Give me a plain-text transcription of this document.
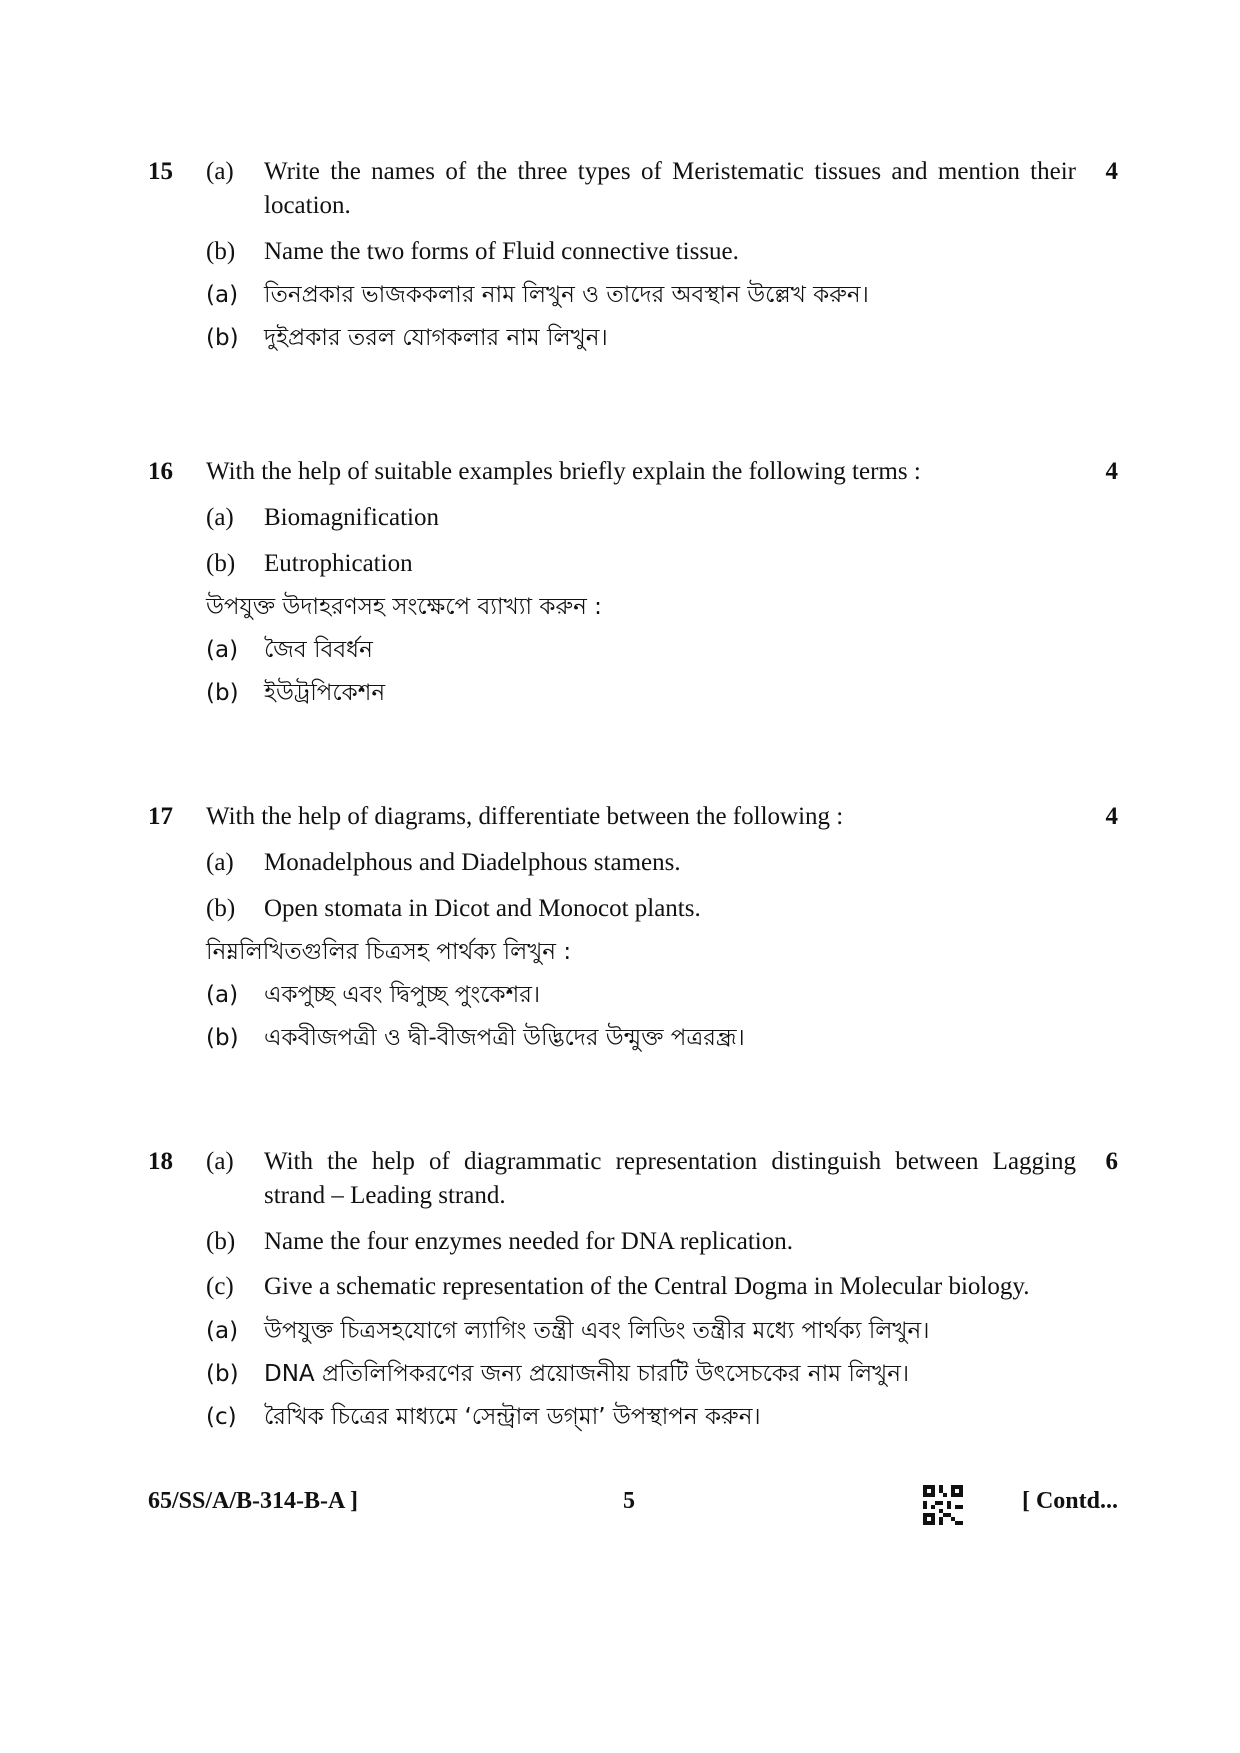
15	4
(a)	Write the names of the three types of Meristematic tissues and mention their location.
(b)	Name the two forms of Fluid connective tissue.
(a)	তিনপ্রকার ভাজককলার নাম লিখুন ও তাদের অবস্থান উল্লেখ করুন।
(b)	দুইপ্রকার তরল যোগকলার নাম লিখুন।
16	4
With the help of suitable examples briefly explain the following terms :
(a)	Biomagnification
(b)	Eutrophication
উপযুক্ত উদাহরণসহ সংক্ষেপে ব্যাখ্যা করুন :
(a)	জৈব বিবর্ধন
(b)	ইউট্রপিকেশন
17	4
With the help of diagrams, differentiate between the following :
(a)	Monadelphous and Diadelphous stamens.
(b)	Open stomata in Dicot and Monocot plants.
নিম্নলিখিতগুলির চিত্রসহ পার্থক্য লিখুন :
(a)	একপুচ্ছ এবং দ্বিপুচ্ছ পুংকেশর।
(b)	একবীজপত্রী ও দ্বী-বীজপত্রী উদ্ভিদের উন্মুক্ত পত্ররন্ধ্র।
18	6
(a)	With the help of diagrammatic representation distinguish between Lagging strand – Leading strand.
(b)	Name the four enzymes needed for DNA replication.
(c)	Give a schematic representation of the Central Dogma in Molecular biology.
(a)	উপযুক্ত চিত্রসহযোগে ল্যাগিং তন্ত্রী এবং লিডিং তন্ত্রীর মধ্যে পার্থক্য লিখুন।
(b)	DNA প্রতিলিপিকরণের জন্য প্রয়োজনীয় চারটি উৎসেচকের নাম লিখুন।
(c)	রৈখিক চিত্রের মাধ্যমে ‘সেন্ট্রাল ডগ্‌মা’ উপস্থাপন করুন।
65/SS/A/B-314-B-A ]	5	[ Contd...
